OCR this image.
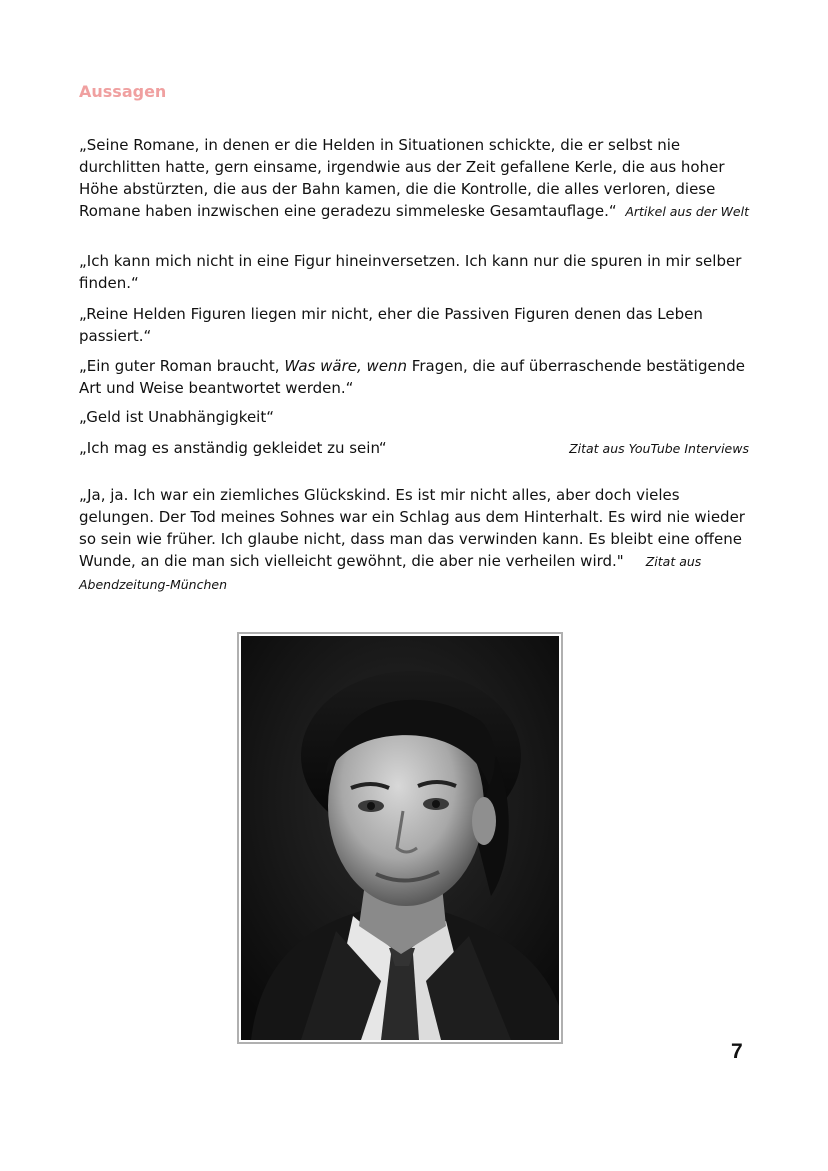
Aussagen

„Seine Romane, in denen er die Helden in Situationen schickte, die er selbst nie durchlitten hatte, gern einsame, irgendwie aus der Zeit gefallene Kerle, die aus hoher Höhe abstürzten, die aus der Bahn kamen, die die Kontrolle, die alles verloren, diese Romane haben inzwischen eine geradezu simmeleske Gesamtauflage.“ Artikel aus der Welt

„Ich kann mich nicht in eine Figur hineinversetzen. Ich kann nur die spuren in mir selber finden.“

„Reine Helden Figuren liegen mir nicht, eher die Passiven Figuren denen das Leben passiert.“

„Ein guter Roman braucht, Was wäre, wenn Fragen, die auf überraschende bestätigende Art und Weise beantwortet werden.“

„Geld ist Unabhängigkeit“

„Ich mag es anständig gekleidet zu sein“	Zitat aus YouTube Interviews

„Ja, ja. Ich war ein ziemliches Glückskind. Es ist mir nicht alles, aber doch vieles gelungen. Der Tod meines Sohnes war ein Schlag aus dem Hinterhalt. Es wird nie wieder so sein wie früher. Ich glaube nicht, dass man das verwinden kann. Es bleibt eine offene Wunde, an die man sich vielleicht gewöhnt, die aber nie verheilen wird." Zitat aus Abendzeitung-München

7
